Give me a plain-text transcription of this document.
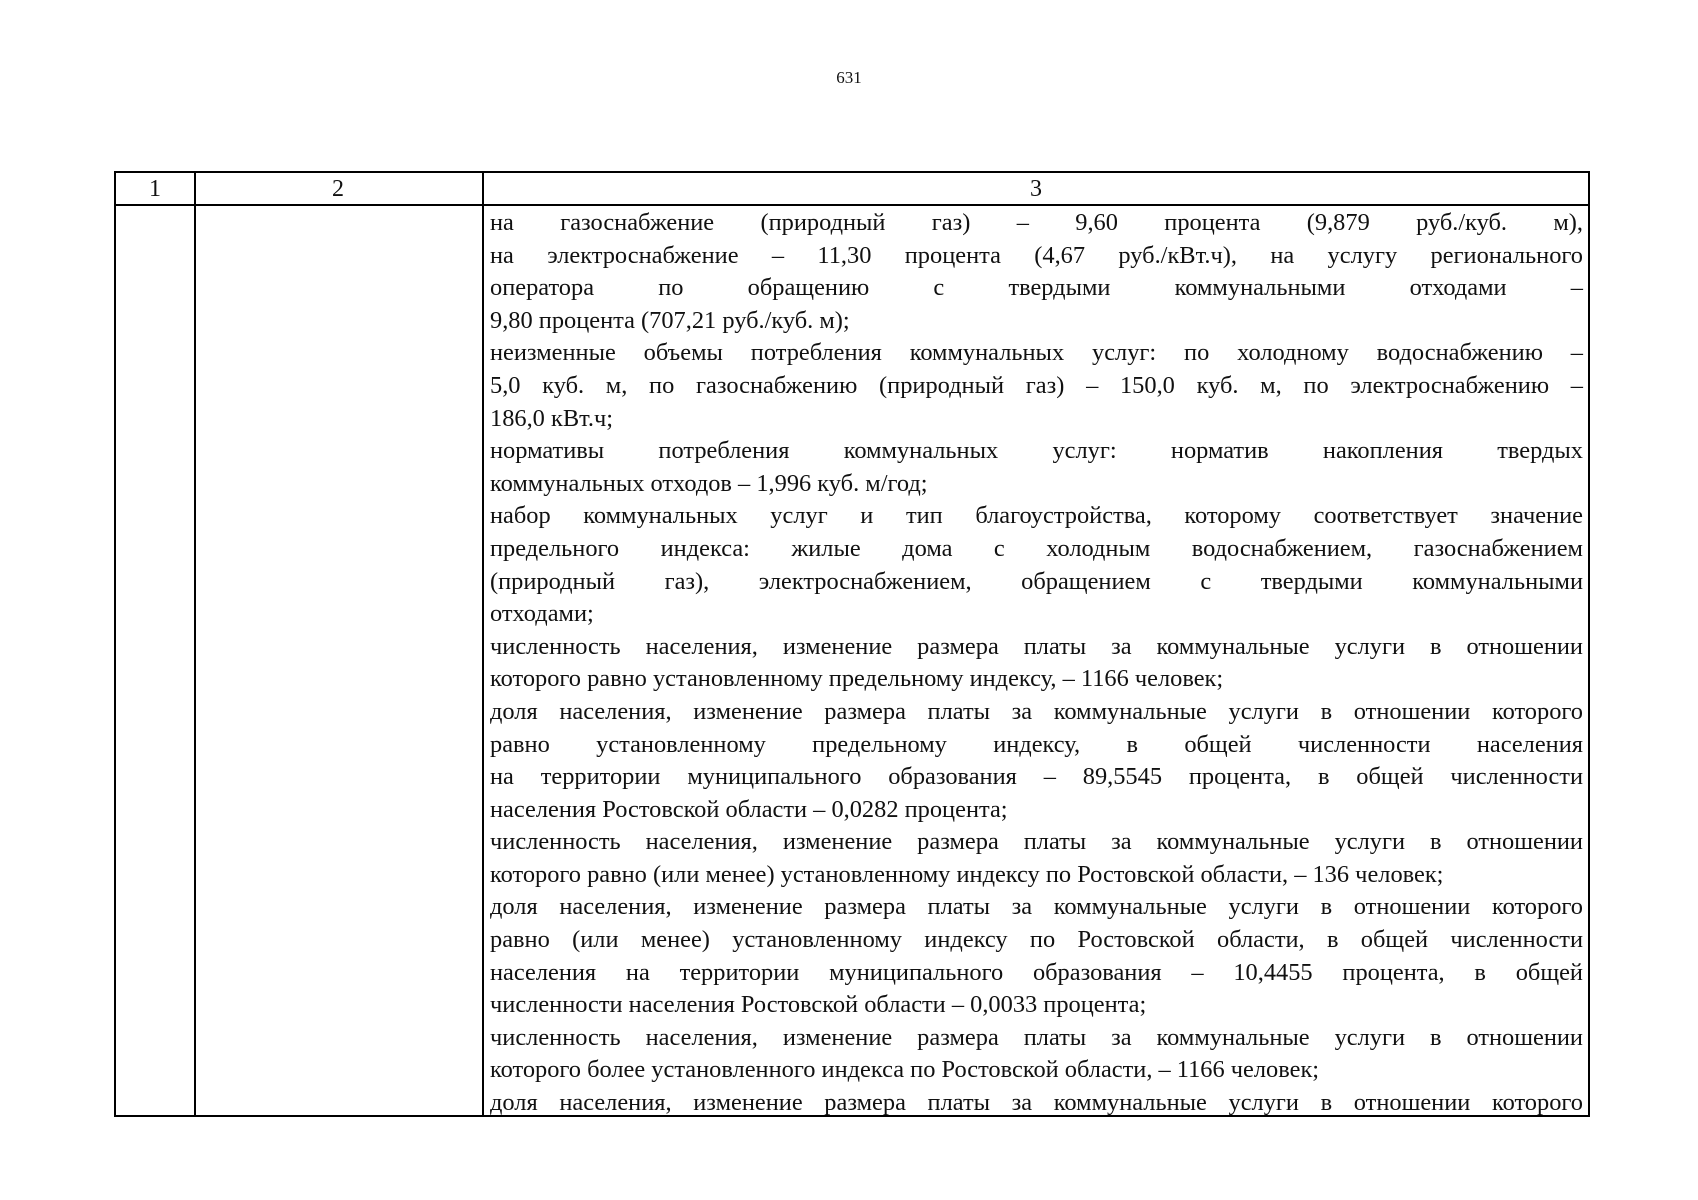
631
1	2	3
на газоснабжение (природный газ) – 9,60 процента (9,879 руб./куб. м),
на электроснабжение – 11,30 процента (4,67 руб./кВт.ч), на услугу регионального
оператора по обращению с твердыми коммунальными отходами –
9,80 процента (707,21 руб./куб. м);
неизменные объемы потребления коммунальных услуг: по холодному водоснабжению –
5,0 куб. м, по газоснабжению (природный газ) – 150,0 куб. м, по электроснабжению –
186,0 кВт.ч;
нормативы потребления коммунальных услуг: норматив накопления твердых
коммунальных отходов – 1,996 куб. м/год;
набор коммунальных услуг и тип благоустройства, которому соответствует значение
предельного индекса: жилые дома с холодным водоснабжением, газоснабжением
(природный газ), электроснабжением, обращением с твердыми коммунальными
отходами;
численность населения, изменение размера платы за коммунальные услуги в отношении
которого равно установленному предельному индексу, – 1166 человек;
доля населения, изменение размера платы за коммунальные услуги в отношении которого
равно установленному предельному индексу, в общей численности населения
на территории муниципального образования – 89,5545 процента, в общей численности
населения Ростовской области – 0,0282 процента;
численность населения, изменение размера платы за коммунальные услуги в отношении
которого равно (или менее) установленному индексу по Ростовской области, – 136 человек;
доля населения, изменение размера платы за коммунальные услуги в отношении которого
равно (или менее) установленному индексу по Ростовской области, в общей численности
населения на территории муниципального образования – 10,4455 процента, в общей
численности населения Ростовской области – 0,0033 процента;
численность населения, изменение размера платы за коммунальные услуги в отношении
которого более установленного индекса по Ростовской области, – 1166 человек;
доля населения, изменение размера платы за коммунальные услуги в отношении которого
